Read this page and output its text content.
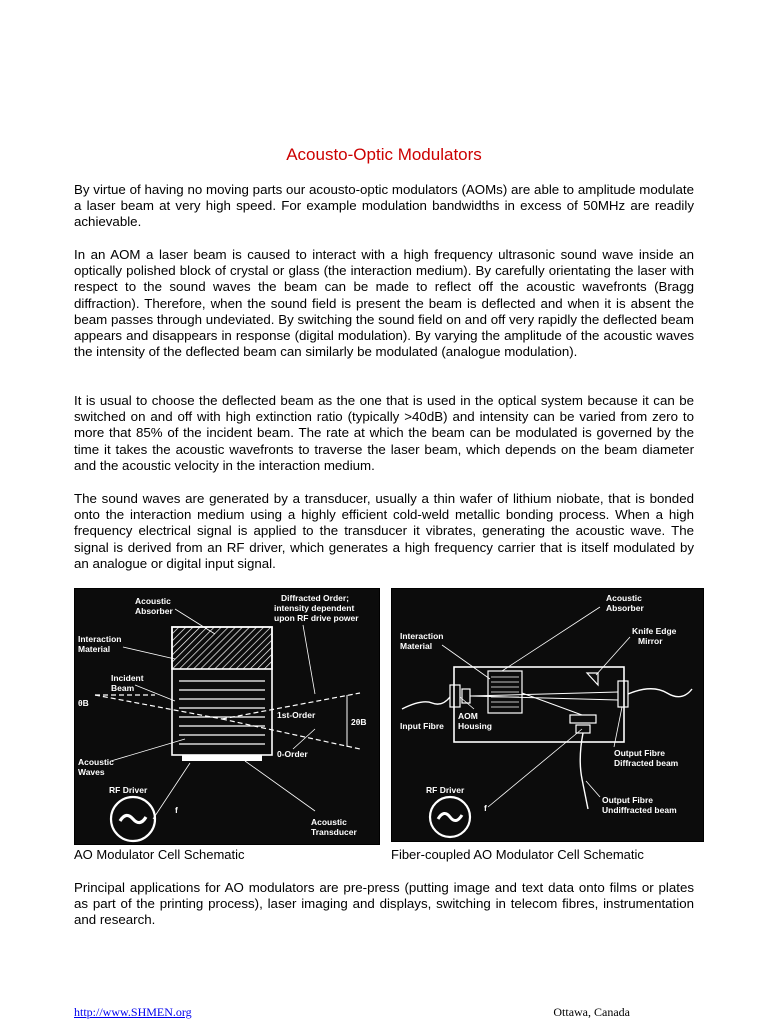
Acousto-Optic Modulators

By virtue of having no moving parts our acousto-optic modulators (AOMs) are able to amplitude modulate a laser beam at very high speed. For example modulation bandwidths in excess of 50MHz are readily achievable.

In an AOM a laser beam is caused to interact with a high frequency ultrasonic sound wave inside an optically polished block of crystal or glass (the interaction medium). By carefully orientating the laser with respect to the sound waves the beam can be made to reflect off the acoustic wavefronts (Bragg diffraction). Therefore, when the sound field is present the beam is deflected and when it is absent the beam passes through undeviated. By switching the sound field on and off very rapidly the deflected beam appears and disappears in response (digital modulation). By varying the amplitude of the acoustic waves the intensity of the deflected beam can similarly be modulated (analogue modulation).

It is usual to choose the deflected beam as the one that is used in the optical system because it can be switched on and off with high extinction ratio (typically >40dB) and intensity can be varied from zero to more that 85% of the incident beam. The rate at which the beam can be modulated is governed by the time it takes the acoustic wavefronts to traverse the laser beam, which depends on the beam diameter and the acoustic velocity in the interaction medium.

The sound waves are generated by a transducer, usually a thin wafer of lithium niobate, that is bonded onto the interaction medium using a highly efficient cold-weld metallic bonding process. When a high frequency electrical signal is applied to the transducer it vibrates, generating the acoustic wave. The signal is derived from an RF driver, which generates a high frequency carrier that is itself modulated by an analogue or digital input signal.

Acoustic
Absorber
Diffracted Order;
intensity dependent
upon RF drive power
Interaction
Material
Incident
Beam
θB
1st-Order
2θB
0-Order
Acoustic
Waves
RF Driver
f
Acoustic
Transducer
Acoustic
Absorber
Knife Edge
Mirror
Interaction
Material
Input Fibre
AOM
Housing
Output Fibre
Diffracted beam
RF Driver
f
Output Fibre
Undiffracted beam

AO Modulator Cell Schematic	Fiber-coupled AO Modulator Cell Schematic

Principal applications for AO modulators are pre-press (putting image and text data onto films or plates as part of the printing process), laser imaging and displays, switching in telecom fibres, instrumentation and research.

http://www.SHMEN.org	Ottawa, Canada
